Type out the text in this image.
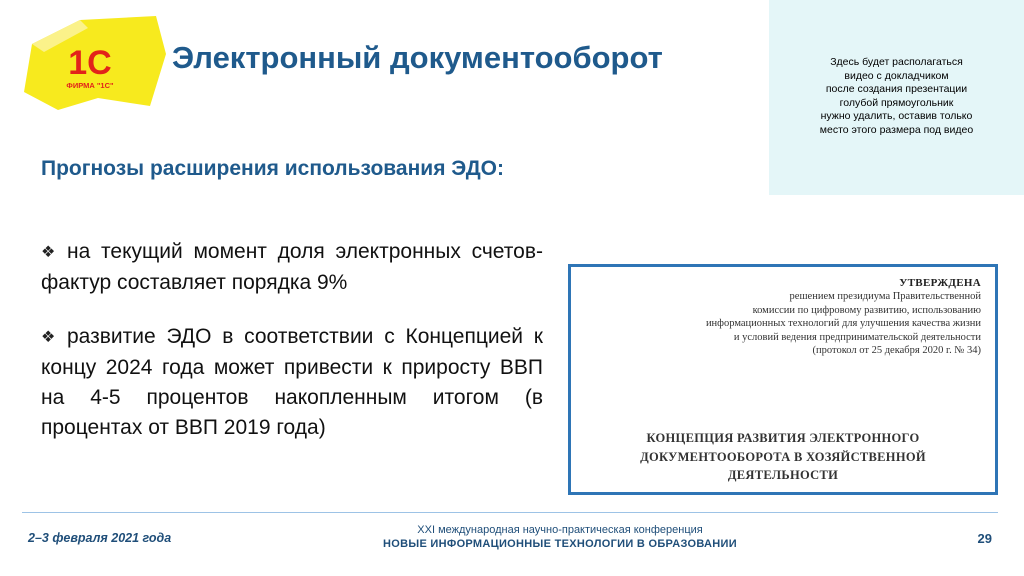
1С
ФИРМА "1С"
Электронный документооборот	Здесь будет располагаться
видео с докладчиком
после создания презентации
голубой прямоугольник
нужно удалить, оставив только
место этого размера под видео
Прогнозы расширения использования ЭДО:
❖ на текущий момент доля электронных счетов-фактур составляет порядка 9%
❖ развитие ЭДО в соответствии с Концепцией к концу 2024 года может привести к приросту ВВП на 4-5 процентов накопленным итогом (в процентах от ВВП 2019 года)
УТВЕРЖДЕНА
решением президиума Правительственной
комиссии по цифровому развитию, использованию
информационных технологий для улучшения качества жизни
и условий ведения предпринимательской деятельности
(протокол от 25 декабря 2020 г. № 34)
КОНЦЕПЦИЯ РАЗВИТИЯ ЭЛЕКТРОННОГО
ДОКУМЕНТООБОРОТА В ХОЗЯЙСТВЕННОЙ
ДЕЯТЕЛЬНОСТИ
2–3 февраля 2021 года
XXI международная научно-практическая конференция
НОВЫЕ ИНФОРМАЦИОННЫЕ ТЕХНОЛОГИИ В ОБРАЗОВАНИИ	29
